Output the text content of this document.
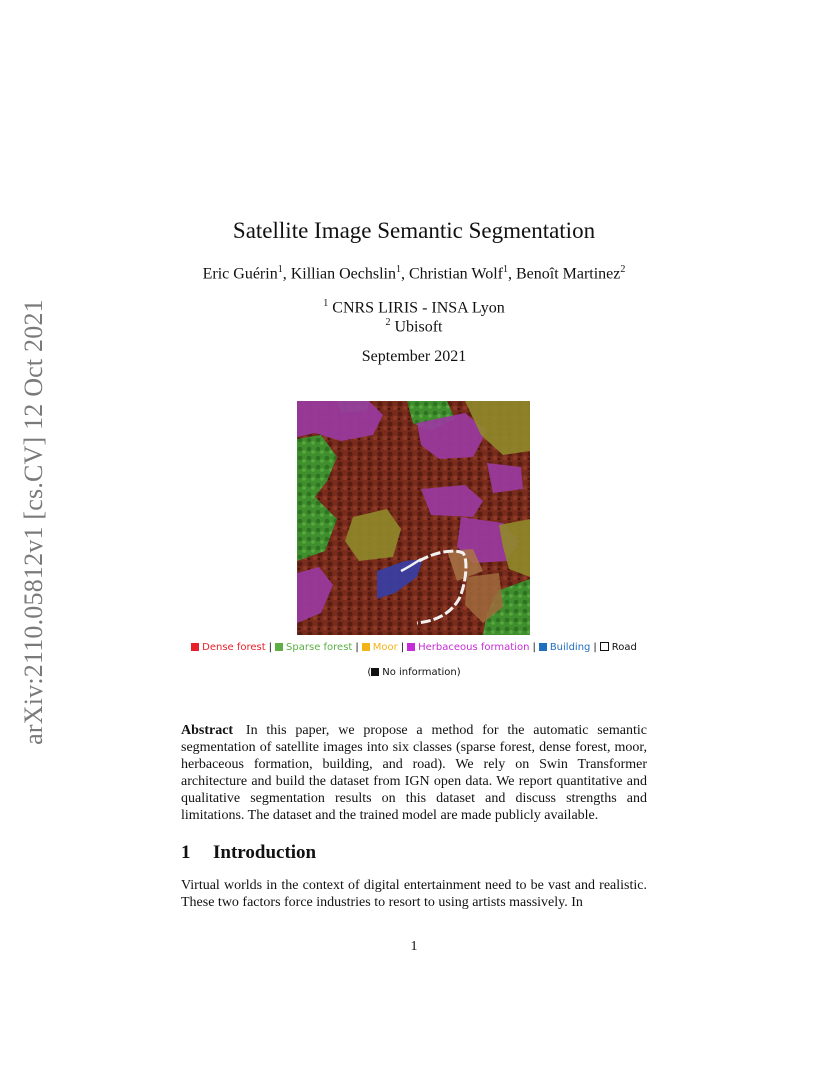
arXiv:2110.05812v1 [cs.CV] 12 Oct 2021
Satellite Image Semantic Segmentation
Eric Guérin$^1$, Killian Oechslin$^1$, Christian Wolf$^1$, Benoît Martinez$^2$
$^1$ CNRS LIRIS - INSA Lyon
$^2$ Ubisoft
September 2021
Dense forest | Sparse forest | Moor | Herbaceous formation | Building | Road
( No information)
Abstract In this paper, we propose a method for the automatic semantic segmentation of satellite images into six classes (sparse forest, dense forest, moor, herbaceous formation, building, and road). We rely on Swin Transformer architecture and build the dataset from IGN open data. We report quantitative and qualitative segmentation results on this dataset and discuss strengths and limitations. The dataset and the trained model are made publicly available.
1 Introduction
Virtual worlds in the context of digital entertainment need to be vast and realistic. These two factors force industries to resort to using artists massively. In
1
